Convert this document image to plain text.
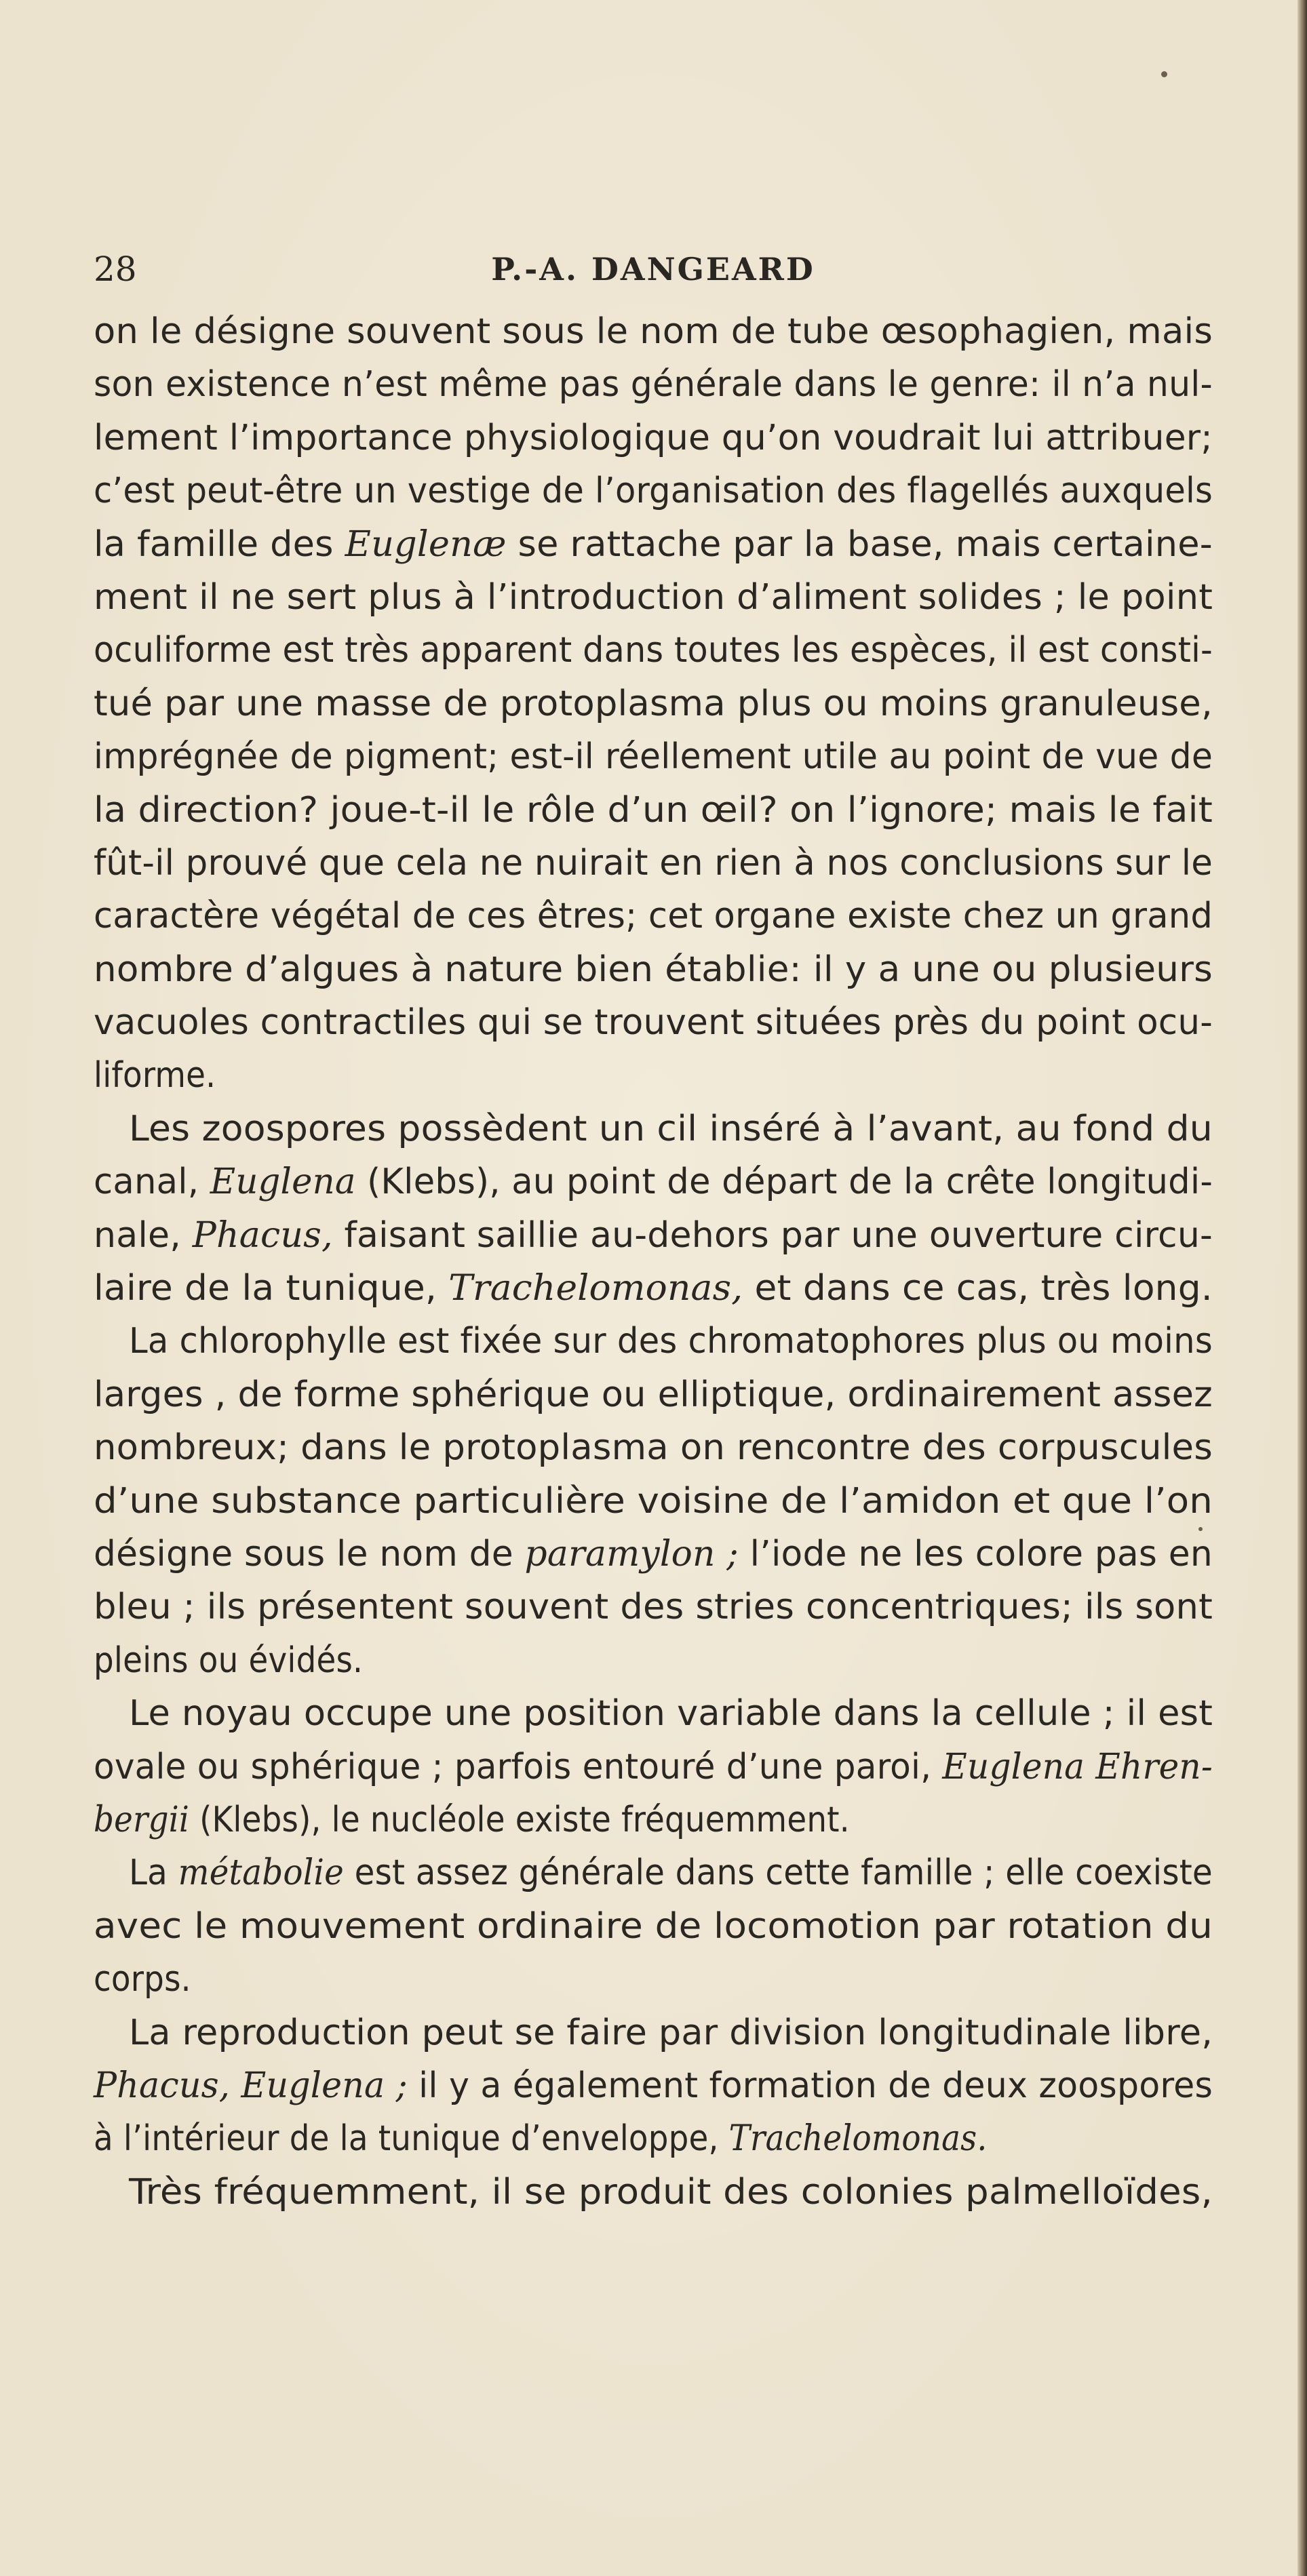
28	P.-A. DANGEARD
on le désigne souvent sous le nom de tube œsophagien, mais
son existence n’est même pas générale dans le genre: il n’a nul-
lement l’importance physiologique qu’on voudrait lui attribuer;
c’est peut-être un vestige de l’organisation des flagellés auxquels
la famille des Euglenæ se rattache par la base, mais certaine-
ment il ne sert plus à l’introduction d’aliment solides ; le point
oculiforme est très apparent dans toutes les espèces, il est consti-
tué par une masse de protoplasma plus ou moins granuleuse,
imprégnée de pigment; est-il réellement utile au point de vue de
la direction? joue-t-il le rôle d’un œil? on l’ignore; mais le fait
fût-il prouvé que cela ne nuirait en rien à nos conclusions sur le
caractère végétal de ces êtres; cet organe existe chez un grand
nombre d’algues à nature bien établie: il y a une ou plusieurs
vacuoles contractiles qui se trouvent situées près du point ocu-
liforme.
Les zoospores possèdent un cil inséré à l’avant, au fond du
canal, Euglena (Klebs), au point de départ de la crête longitudi-
nale, Phacus, faisant saillie au-dehors par une ouverture circu-
laire de la tunique, Trachelomonas, et dans ce cas, très long.
La chlorophylle est fixée sur des chromatophores plus ou moins
larges , de forme sphérique ou elliptique, ordinairement assez
nombreux; dans le protoplasma on rencontre des corpuscules
d’une substance particulière voisine de l’amidon et que l’on
désigne sous le nom de paramylon ; l’iode ne les colore pas en
bleu ; ils présentent souvent des stries concentriques; ils sont
pleins ou évidés.
Le noyau occupe une position variable dans la cellule ; il est
ovale ou sphérique ; parfois entouré d’une paroi, Euglena Ehren-
bergii (Klebs), le nucléole existe fréquemment.
La métabolie est assez générale dans cette famille ; elle coexiste
avec le mouvement ordinaire de locomotion par rotation du
corps.
La reproduction peut se faire par division longitudinale libre,
Phacus, Euglena ; il y a également formation de deux zoospores
à l’intérieur de la tunique d’enveloppe, Trachelomonas.
Très fréquemment, il se produit des colonies palmelloïdes,
